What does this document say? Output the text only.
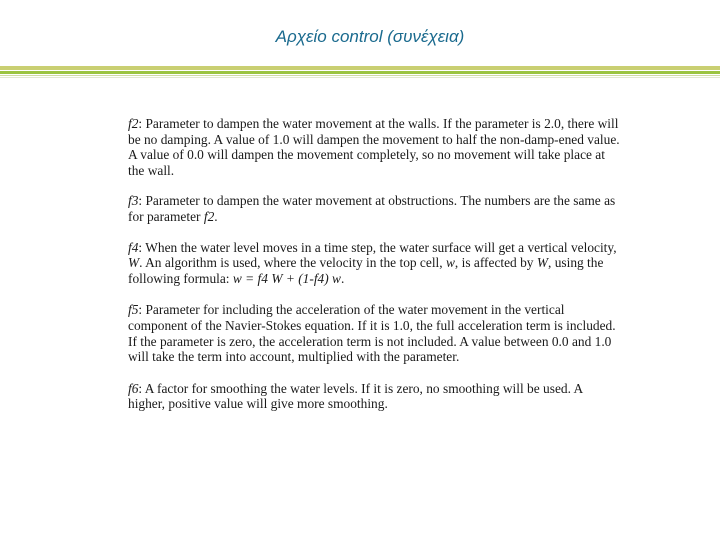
Αρχείο control (συνέχεια)

f2: Parameter to dampen the water movement at the walls. If the parameter is 2.0, there will be no damping. A value of 1.0 will dampen the movement to half the non-damp-ened value. A value of 0.0 will dampen the movement completely, so no movement will take place at the wall.

f3: Parameter to dampen the water movement at obstructions. The numbers are the same as for parameter f2.

f4: When the water level moves in a time step, the water surface will get a vertical velocity, W. An algorithm is used, where the velocity in the top cell, w, is affected by W, using the following formula: w = f4 W + (1-f4) w.

f5: Parameter for including the acceleration of the water movement in the vertical component of the Navier-Stokes equation. If it is 1.0, the full acceleration term is included. If the parameter is zero, the acceleration term is not included. A value between 0.0 and 1.0 will take the term into account, multiplied with the parameter.

f6: A factor for smoothing the water levels. If it is zero, no smoothing will be used. A higher, positive value will give more smoothing.
